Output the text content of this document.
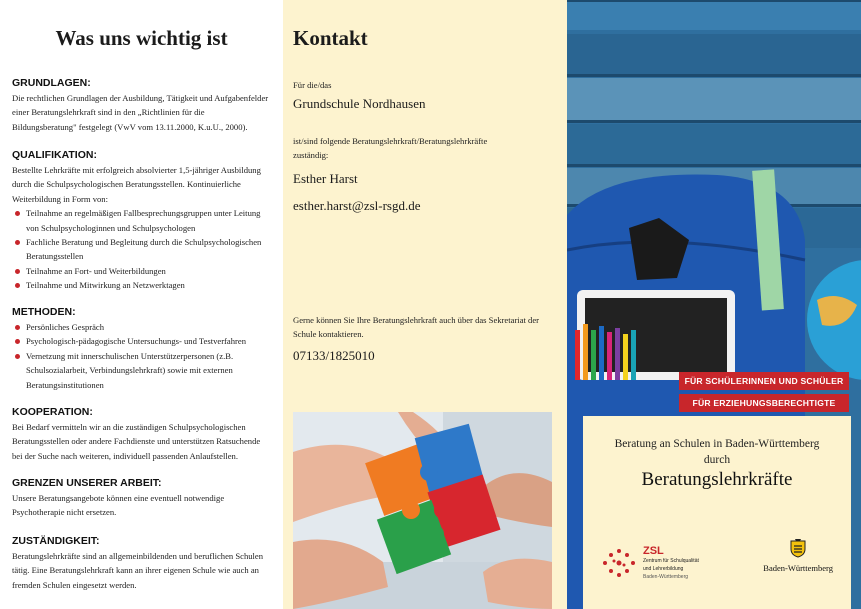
Was uns wichtig ist
GRUNDLAGEN:

Die rechtlichen Grundlagen der Ausbildung, Tätigkeit und Aufgabenfelder einer Beratungslehrkraft sind in den „Richtlinien für die Bildungsberatung" festgelegt (VwV vom 13.11.2000, K.u.U., 2000).

QUALIFIKATION:

Bestellte Lehrkräfte mit erfolgreich absolvierter 1,5-jähriger Ausbildung durch die Schulpsychologischen Beratungsstellen. Kontinuierliche Weiterbildung in Form von:

Teilnahme an regelmäßigen Fallbesprechungsgruppen unter Leitung von Schulpsychologinnen und Schulpsychologen
Fachliche Beratung und Begleitung durch die Schulpsychologischen Beratungsstellen
Teilnahme an Fort- und Weiterbildungen
Teilnahme und Mitwirkung an Netzwerktagen
METHODEN:
Persönliches Gespräch
Psychologisch-pädagogische Untersuchungs- und Testverfahren
Vernetzung mit innerschulischen Unterstützerpersonen (z.B. Schulsozialarbeit, Verbindungslehrkraft) sowie mit externen Beratungsinstitutionen
KOOPERATION:

Bei Bedarf vermitteln wir an die zuständigen Schulpsychologischen Beratungsstellen oder andere Fachdienste und unterstützen Ratsuchende bei der Suche nach weiteren, individuell passenden Anlaufstellen.

GRENZEN UNSERER ARBEIT:

Unsere Beratungsangebote können eine eventuell notwendige Psychotherapie nicht ersetzen.

ZUSTÄNDIGKEIT:

Beratungslehrkräfte sind an allgemeinbildenden und beruflichen Schulen tätig. Eine Beratungslehrkraft kann an ihrer eigenen Schule wie auch an fremden Schulen eingesetzt werden.

Kontakt
Für die/das
Grundschule Nordhausen
ist/sind folgende Beratungslehrkraft/Beratungslehrkräfte zuständig:
Esther Harst
esther.harst@zsl-rsgd.de
Gerne können Sie Ihre Beratungslehrkraft auch über das Sekretariat der Schule kontaktieren.
07133/1825010
FÜR SCHÜLERINNEN UND SCHÜLER
FÜR ERZIEHUNGSBERECHTIGTE
Beratung an Schulen in Baden-Württemberg
durch
Beratungslehrkräfte

ZSL
Zentrum für Schulqualität
und Lehrerbildung
Baden-Württemberg
Baden-Württemberg
